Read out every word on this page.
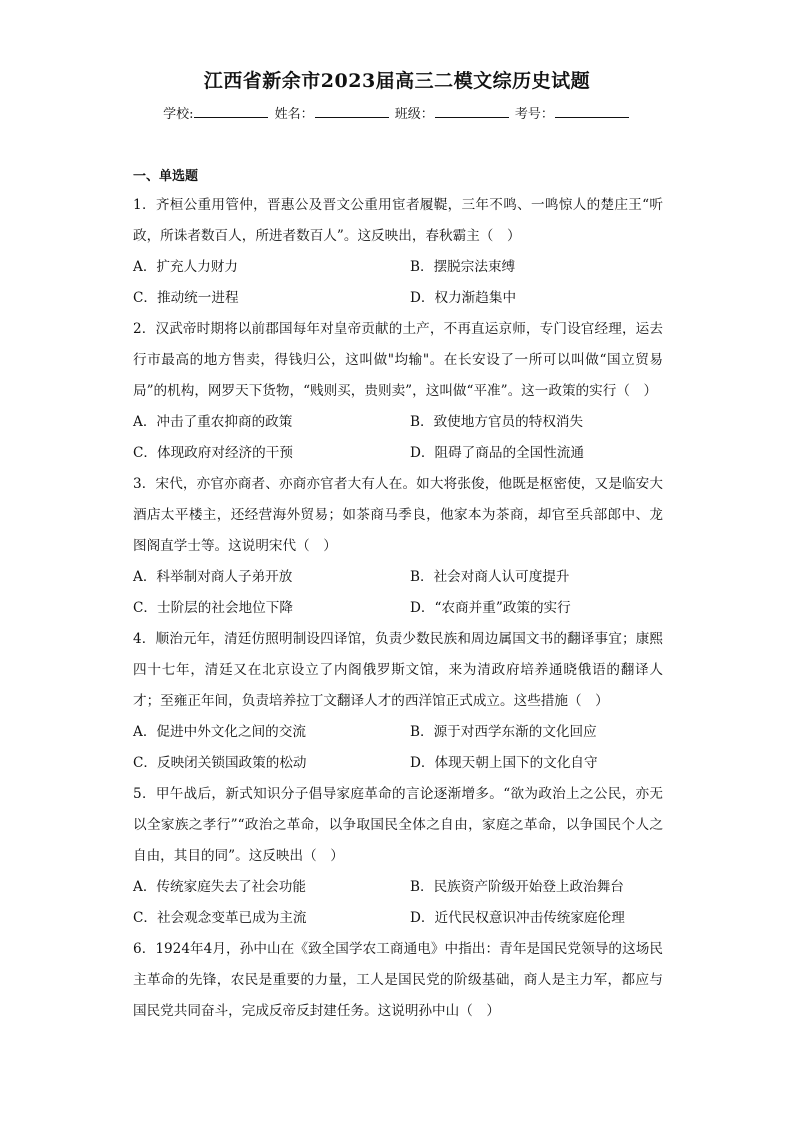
江西省新余市2023届高三二模文综历史试题
学校:	姓名：	班级：	考号：
一、单选题
1．齐桓公重用管仲，晋惠公及晋文公重用宦者履鞮，三年不鸣、一鸣惊人的楚庄王“听政，所诛者数百人，所进者数百人”。这反映出，春秋霸主（　）
A．扩充人力财力	B．摆脱宗法束缚
C．推动统一进程	D．权力渐趋集中
2．汉武帝时期将以前郡国每年对皇帝贡献的土产，不再直运京师，专门设官经理，运去行市最高的地方售卖，得钱归公，这叫做"均输"。在长安设了一所可以叫做“国立贸易局”的机构，网罗天下货物，“贱则买，贵则卖”，这叫做“平准”。这一政策的实行（　）
A．冲击了重农抑商的政策	B．致使地方官员的特权消失
C．体现政府对经济的干预	D．阻碍了商品的全国性流通
3．宋代，亦官亦商者、亦商亦官者大有人在。如大将张俊，他既是枢密使，又是临安大酒店太平楼主，还经营海外贸易；如茶商马季良，他家本为茶商，却官至兵部郎中、龙图阁直学士等。这说明宋代（　）
A．科举制对商人子弟开放	B．社会对商人认可度提升
C．士阶层的社会地位下降	D．“农商并重”政策的实行
4．顺治元年，清廷仿照明制设四译馆，负责少数民族和周边属国文书的翻译事宜；康熙四十七年，清廷又在北京设立了内阁俄罗斯文馆，来为清政府培养通晓俄语的翻译人才；至雍正年间，负责培养拉丁文翻译人才的西洋馆正式成立。这些措施（　）
A．促进中外文化之间的交流	B．源于对西学东渐的文化回应
C．反映闭关锁国政策的松动	D．体现天朝上国下的文化自守
5．甲午战后，新式知识分子倡导家庭革命的言论逐渐增多。“欲为政治上之公民，亦无以全家族之孝行”“政治之革命，以争取国民全体之自由，家庭之革命，以争国民个人之自由，其目的同”。这反映出（　）
A．传统家庭失去了社会功能	B．民族资产阶级开始登上政治舞台
C．社会观念变革已成为主流	D．近代民权意识冲击传统家庭伦理
6．1924年4月，孙中山在《致全国学农工商通电》中指出：青年是国民党领导的这场民主革命的先锋，农民是重要的力量，工人是国民党的阶级基础，商人是主力军，都应与国民党共同奋斗，完成反帝反封建任务。这说明孙中山（　）
